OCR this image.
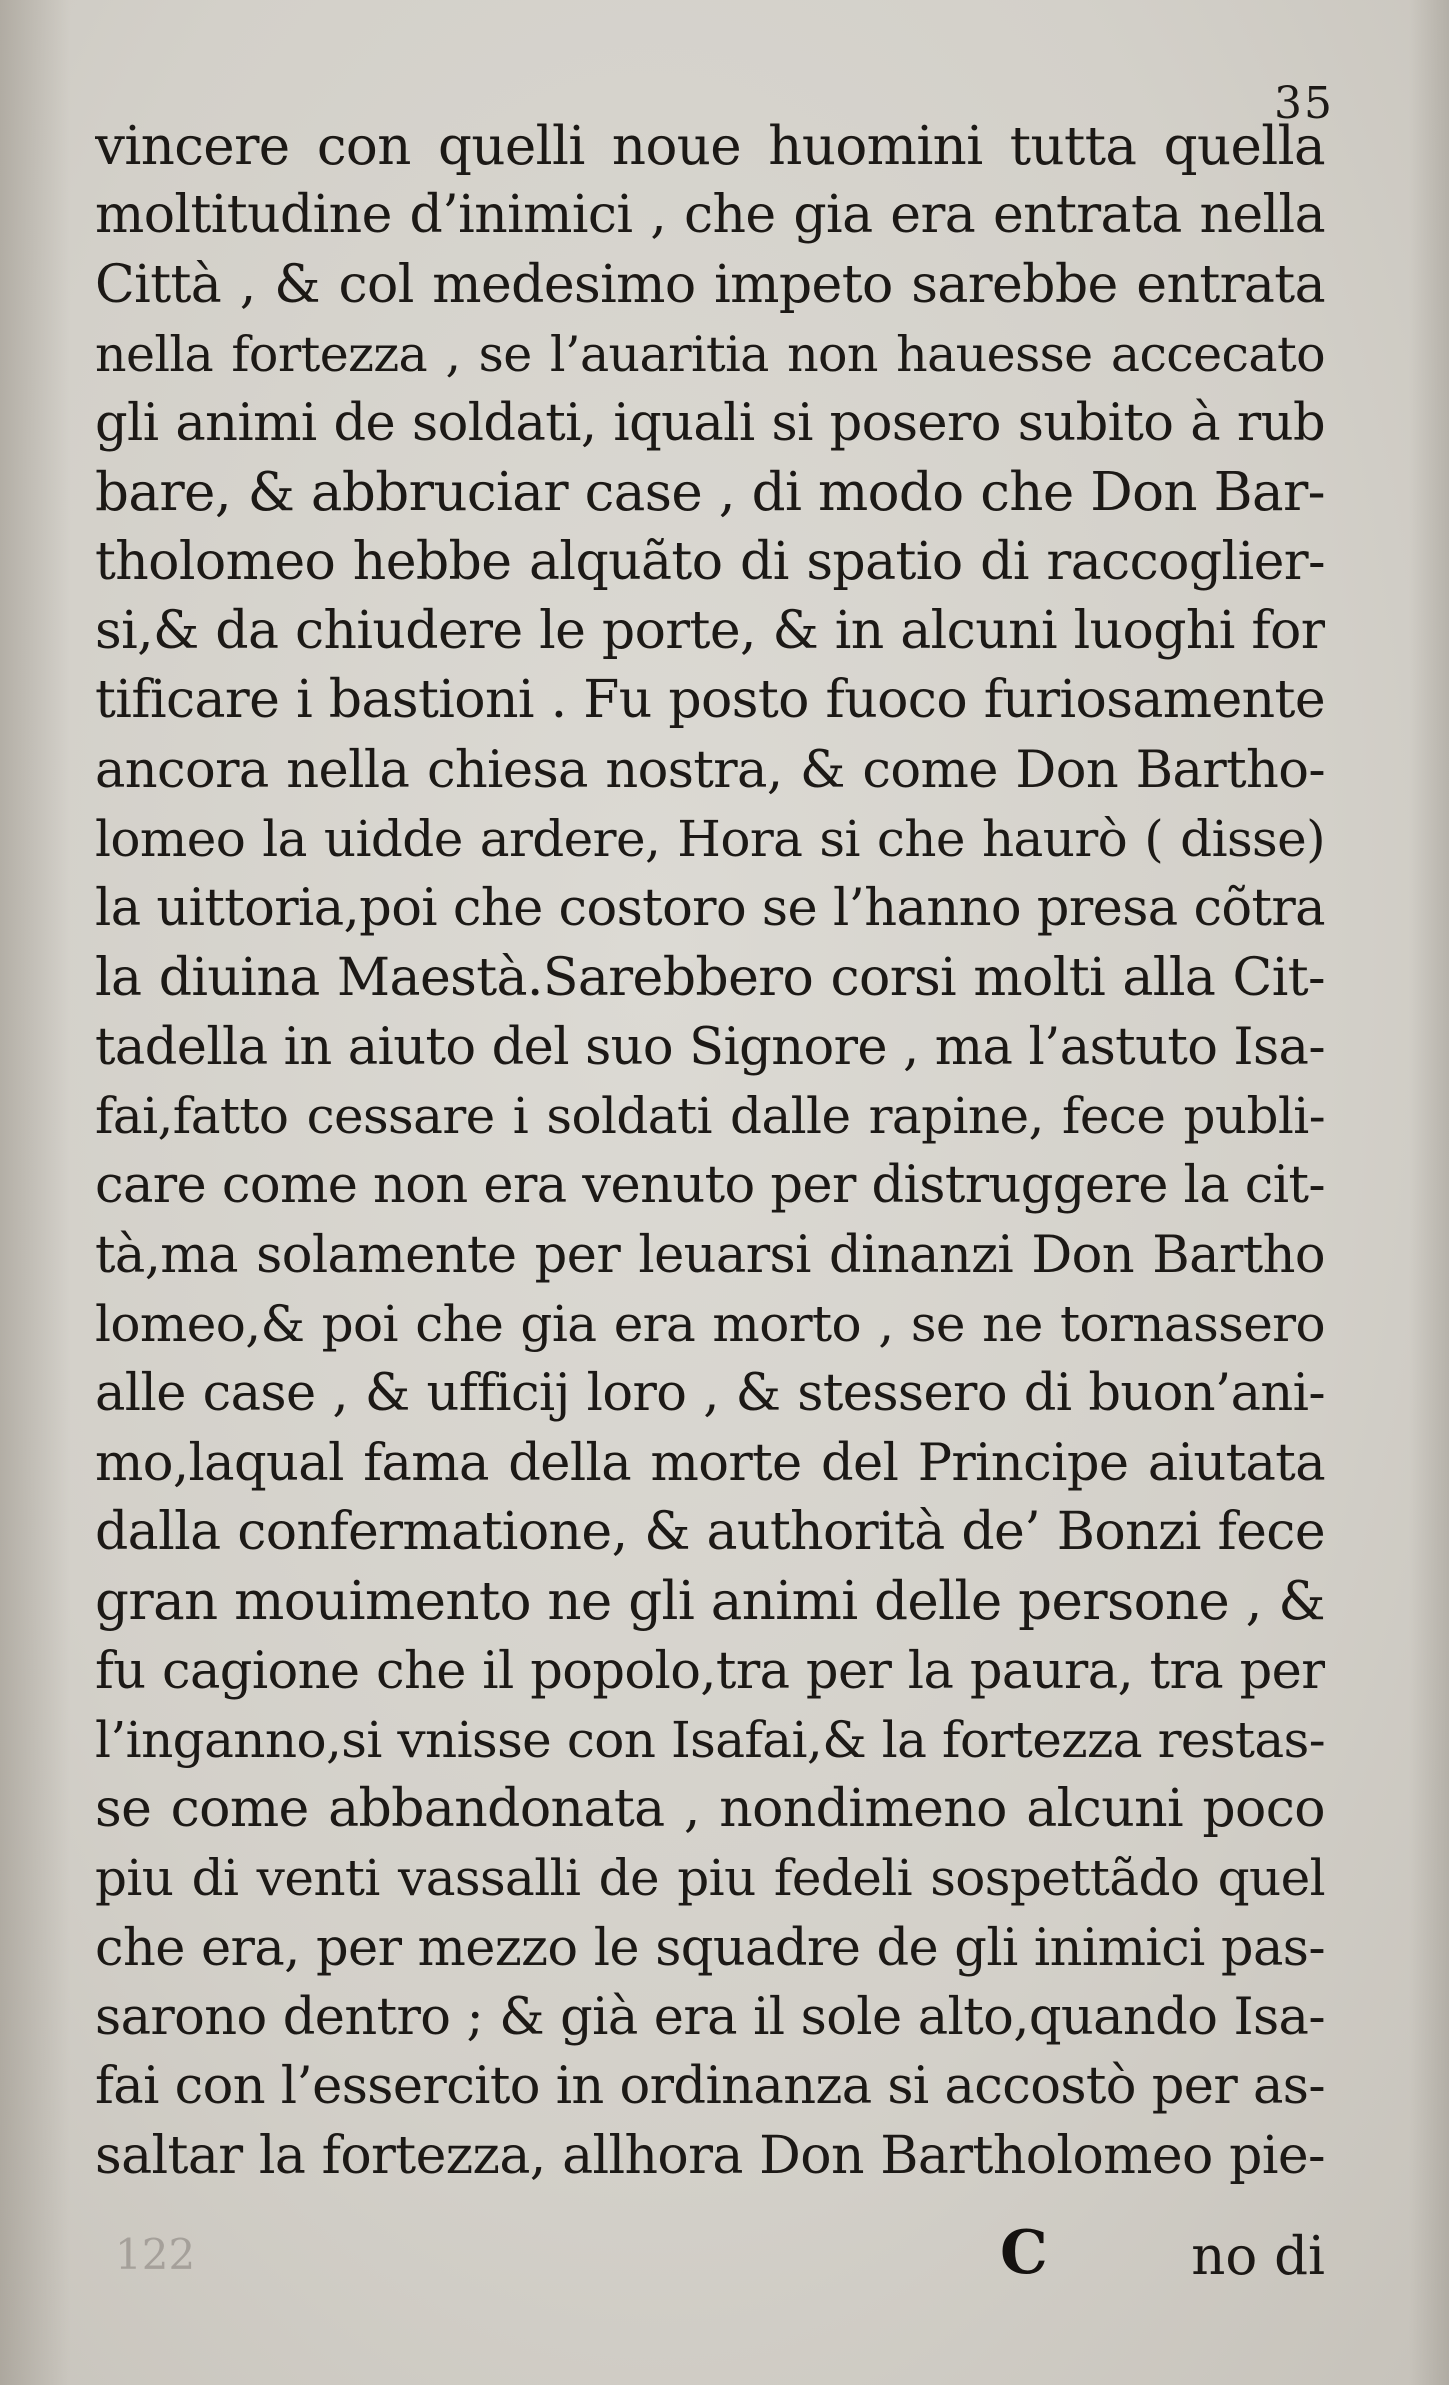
35
vincere con quelli noue huomini tutta quella
moltitudine d’inimici , che gia era entrata nella
Città , & col medesimo impeto sarebbe entrata
nella fortezza , se l’auaritia non hauesse accecato
gli animi de soldati, iquali si posero subito à rub
bare, & abbruciar case , di modo che Don Bar-
tholomeo hebbe alquãto di spatio di raccoglier-
si,& da chiudere le porte, & in alcuni luoghi for
tificare i bastioni . Fu posto fuoco furiosamente
ancora nella chiesa nostra, & come Don Bartho-
lomeo la uidde ardere, Hora si che haurò ( disse)
la uittoria,poi che costoro se l’hanno presa cõtra
la diuina Maestà.Sarebbero corsi molti alla Cit-
tadella in aiuto del suo Signore , ma l’astuto Isa-
fai,fatto cessare i soldati dalle rapine, fece publi-
care come non era venuto per distruggere la cit-
tà,ma solamente per leuarsi dinanzi Don Bartho
lomeo,& poi che gia era morto , se ne tornassero
alle case , & ufficij loro , & stessero di buon’ani-
mo,laqual fama della morte del Principe aiutata
dalla confermatione, & authorità de’ Bonzi fece
gran mouimento ne gli animi delle persone , &
fu cagione che il popolo,tra per la paura, tra per
l’inganno,si vnisse con Isafai,& la fortezza restas-
se come abbandonata , nondimeno alcuni poco
piu di venti vassalli de piu fedeli sospettãdo quel
che era, per mezzo le squadre de gli inimici pas-
sarono dentro ; & già era il sole alto,quando Isa-
fai con l’essercito in ordinanza si accostò per as-
saltar la fortezza, allhora Don Bartholomeo pie-
122	C	no di
